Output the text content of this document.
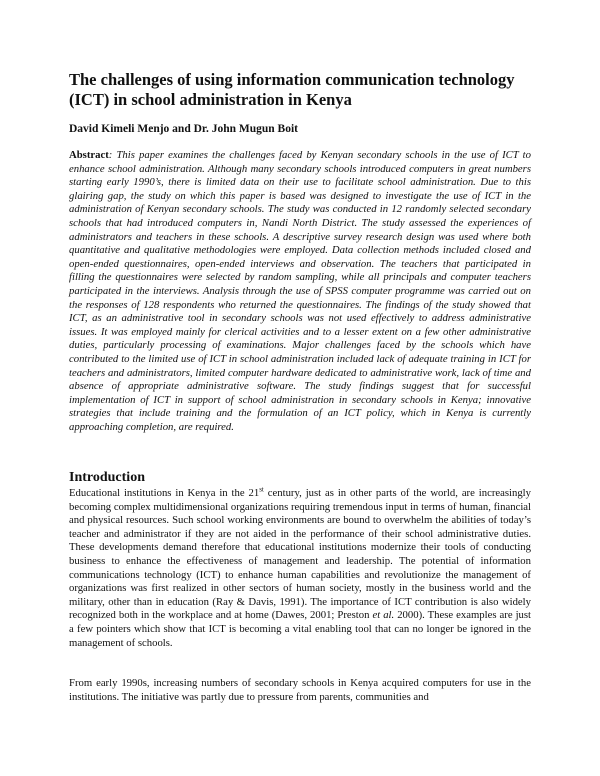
The challenges of using information communication technology (ICT) in school administration in Kenya

David Kimeli Menjo and Dr. John Mugun Boit

Abstract: This paper examines the challenges faced by Kenyan secondary schools in the use of ICT to enhance school administration. Although many secondary schools introduced computers in great numbers starting early 1990’s, there is limited data on their use to facilitate school administration. Due to this glairing gap, the study on which this paper is based was designed to investigate the use of ICT in the administration of Kenyan secondary schools. The study was conducted in 12 randomly selected secondary schools that had introduced computers in, Nandi North District. The study assessed the experiences of administrators and teachers in these schools. A descriptive survey research design was used where both quantitative and qualitative methodologies were employed. Data collection methods included closed and open-ended questionnaires, open-ended interviews and observation. The teachers that participated in filling the questionnaires were selected by random sampling, while all principals and computer teachers participated in the interviews. Analysis through the use of SPSS computer programme was carried out on the responses of 128 respondents who returned the questionnaires. The findings of the study showed that ICT, as an administrative tool in secondary schools was not used effectively to address administrative issues. It was employed mainly for clerical activities and to a lesser extent on a few other administrative duties, particularly processing of examinations. Major challenges faced by the schools which have contributed to the limited use of ICT in school administration included lack of adequate training in ICT for teachers and administrators, limited computer hardware dedicated to administrative work, lack of time and absence of appropriate administrative software. The study findings suggest that for successful implementation of ICT in support of school administration in secondary schools in Kenya; innovative strategies that include training and the formulation of an ICT policy, which in Kenya is currently approaching completion, are required.

Introduction

Educational institutions in Kenya in the 21st century, just as in other parts of the world, are increasingly becoming complex multidimensional organizations requiring tremendous input in terms of human, financial and physical resources. Such school working environments are bound to overwhelm the abilities of today’s teacher and administrator if they are not aided in the performance of their school administrative duties. These developments demand therefore that educational institutions modernize their tools of conducting business to enhance the effectiveness of management and leadership. The potential of information communications technology (ICT) to enhance human capabilities and revolutionize the management of organizations was first realized in other sectors of human society, mostly in the business world and the military, other than in education (Ray & Davis, 1991). The importance of ICT contribution is also widely recognized both in the workplace and at home (Dawes, 2001; Preston et al. 2000). These examples are just a few pointers which show that ICT is becoming a vital enabling tool that can no longer be ignored in the management of schools.

From early 1990s, increasing numbers of secondary schools in Kenya acquired computers for use in the institutions. The initiative was partly due to pressure from parents, communities and
